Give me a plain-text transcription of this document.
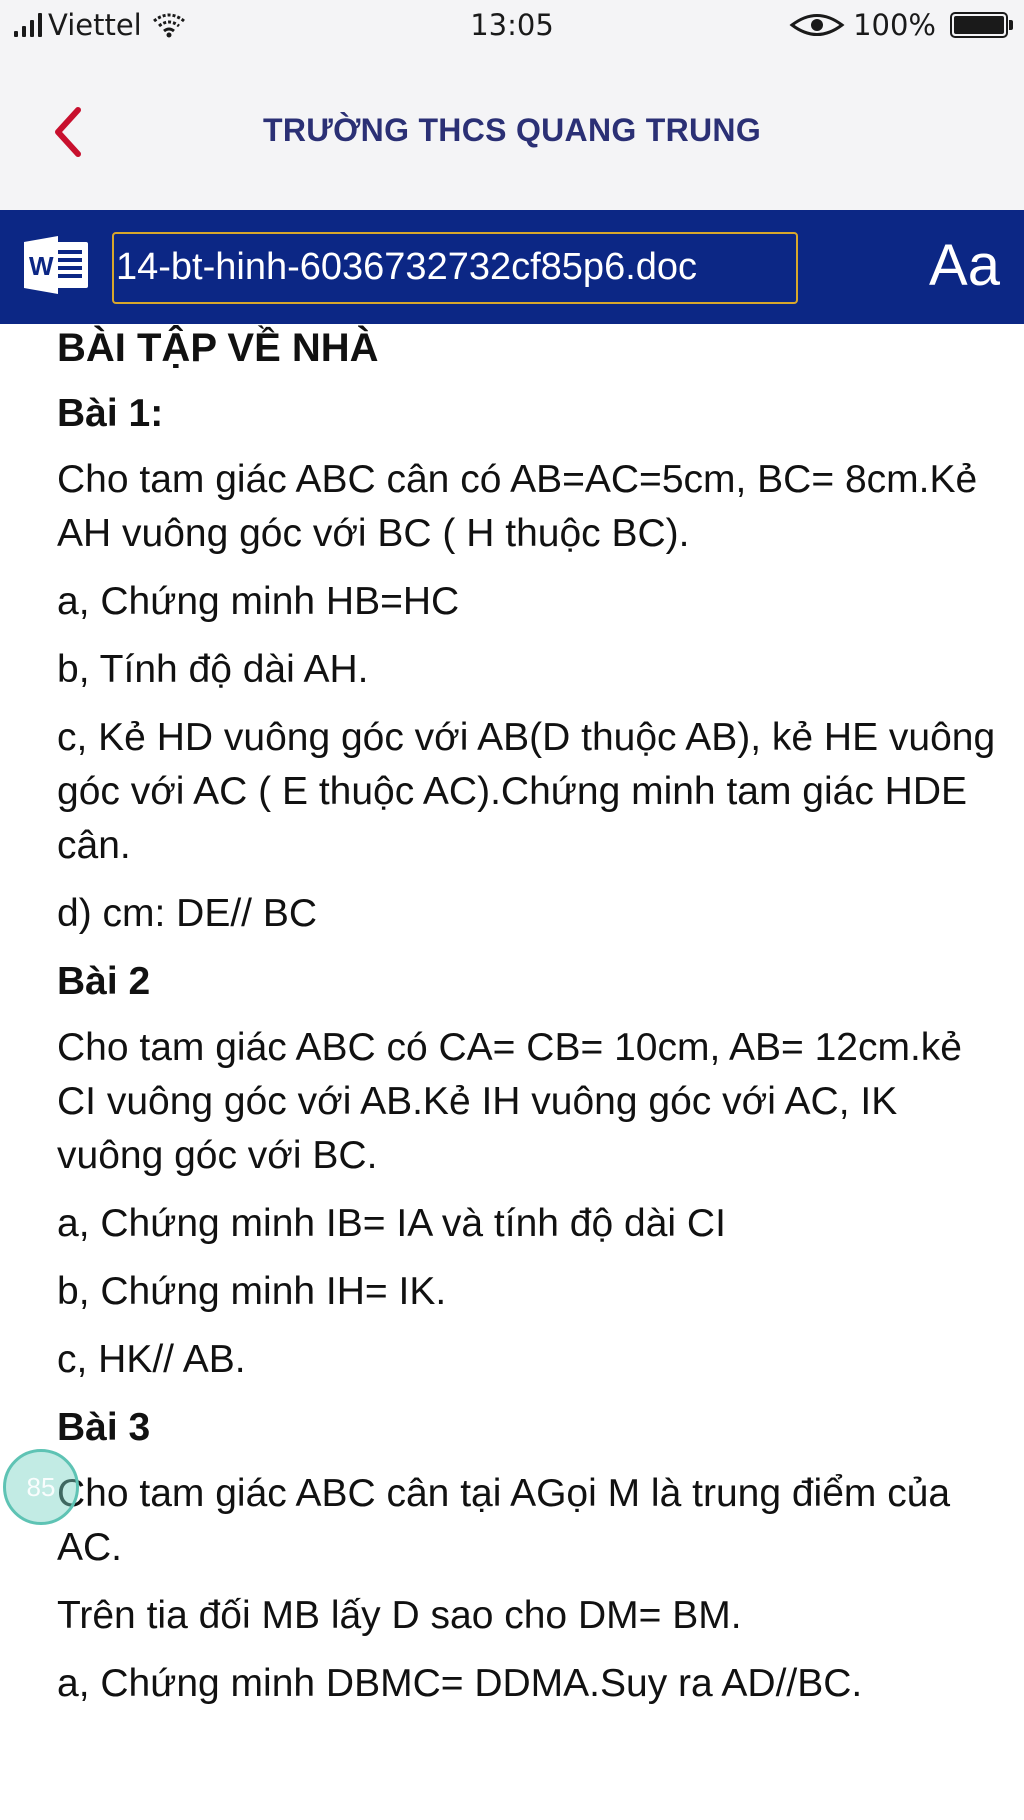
Viettel	13:05	100%
TRƯỜNG THCS QUANG TRUNG
W 14-bt-hinh-6036732732cf85p6.doc	Aa
BÀI TẬP VỀ NHÀ
Bài 1:

Cho tam giác ABC cân có AB=AC=5cm, BC= 8cm.Kẻ AH vuông góc với BC ( H thuộc BC).

a, Chứng minh HB=HC

b, Tính độ dài AH.

c, Kẻ HD vuông góc với AB(D thuộc AB), kẻ HE vuông góc với AC ( E thuộc AC).Chứng minh tam giác HDE cân.

d) cm: DE// BC

Bài 2

Cho tam giác ABC có CA= CB= 10cm, AB= 12cm.kẻ CI vuông góc với AB.Kẻ IH vuông góc với AC, IK vuông góc với BC.

a, Chứng minh IB= IA và tính độ dài CI

b, Chứng minh IH= IK.

c, HK// AB.

Bài 3

Cho tam giác ABC cân tại AGọi M là trung điểm của AC.

Trên tia đối MB lấy D sao cho DM= BM.

a, Chứng minh DBMC= DDMA.Suy ra AD//BC.

85
